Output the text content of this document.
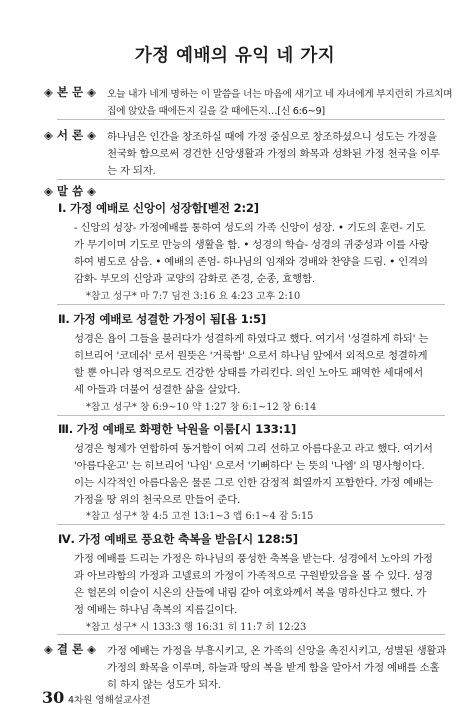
가정 예배의 유익 네 가지
◈ 본 문 ◈ 오늘 내가 네게 명하는 이 말씀을 너는 마음에 새기고 네 자녀에게 부지런히 가르치며
집에 앉았을 때에든지 길을 갈 때에든지…[신 6:6~9]
◈ 서 론 ◈ 하나님은 인간을 창조하실 때에 가정 중심으로 창조하셨으니 성도는 가정을
천국화 함으로써 경건한 신앙생활과 가정의 화목과 성화된 가정 천국을 이루
는 자 되자.
◈ 말 씀 ◈
Ⅰ. 가정 예배로 신앙이 성장함[벧전 2:2]
- 신앙의 성장- 가정예배를 통하여 성도의 가족 신앙이 성장. • 기도의 훈련- 기도
가 무기이며 기도로 만능의 생활을 함. • 성경의 학습- 성경의 귀중성과 이를 사랑
하여 범도로 삼음. • 예배의 존엄- 하나님의 임재와 경배와 찬양을 드림. • 인격의
감화- 부모의 신앙과 교양의 감화로 존경, 순종, 효행함.
*참고 성구* 마 7:7 딤전 3:16 요 4:23 고후 2:10
Ⅱ. 가정 예배로 성결한 가정이 됨[욥 1:5]
성경은 욥이 그들을 불러다가 성결하게 하였다고 했다. 여기서 '성결하게 하되' 는
히브리어 '코데쉬' 로서 원뜻은 '거룩함' 으로서 하나님 앞에서 외적으로 청결하게
할 뿐 아니라 영적으로도 건강한 상태를 가리킨다. 의인 노아도 패역한 세대에서
세 아들과 더불어 성결한 삶을 살았다.
*참고 성구* 창 6:9~10 약 1:27 창 6:1~12 창 6:14
Ⅲ. 가정 예배로 화평한 낙원을 이룸[시 133:1]
성경은 형제가 연합하여 동거함이 어찌 그리 선하고 아름다운고 라고 했다. 여기서
'아름다운고' 는 히브리어 '나임' 으로서 '기뻐하다' 는 뜻의 '나엠' 의 명사형이다.
이는 시각적인 아름다움은 물론 그로 인한 감정적 희열까지 포함한다. 가정 예배는
가정을 땅 위의 천국으로 만들어 준다.
*참고 성구* 창 4:5 고전 13:1~3 엡 6:1~4 잠 5:15
Ⅳ. 가정 예배로 풍요한 축복을 받음[시 128:5]
가정 예배를 드리는 가정은 하나님의 풍성한 축복을 받는다. 성경에서 노아의 가정
과 아브라함의 가정과 고넬료의 가정이 가족적으로 구원받았음을 볼 수 있다. 성경
은 헐몬의 이슬이 시온의 산들에 내림 같아 여호와께서 복을 명하신다고 했다. 가
정 예배는 하나님 축복의 지름길이다.
*참고 성구* 시 133:3 행 16:31 히 11:7 히 12:23
◈ 결 론 ◈ 가정 예배는 가정을 부흥시키고, 온 가족의 신앙을 촉진시키고, 성별된 생활과
가정의 화목을 이루며, 하늘과 땅의 복을 받게 함을 알아서 가정 예배를 소홀
히 하지 않는 성도가 되자.
30 4차원 영해설교사전
